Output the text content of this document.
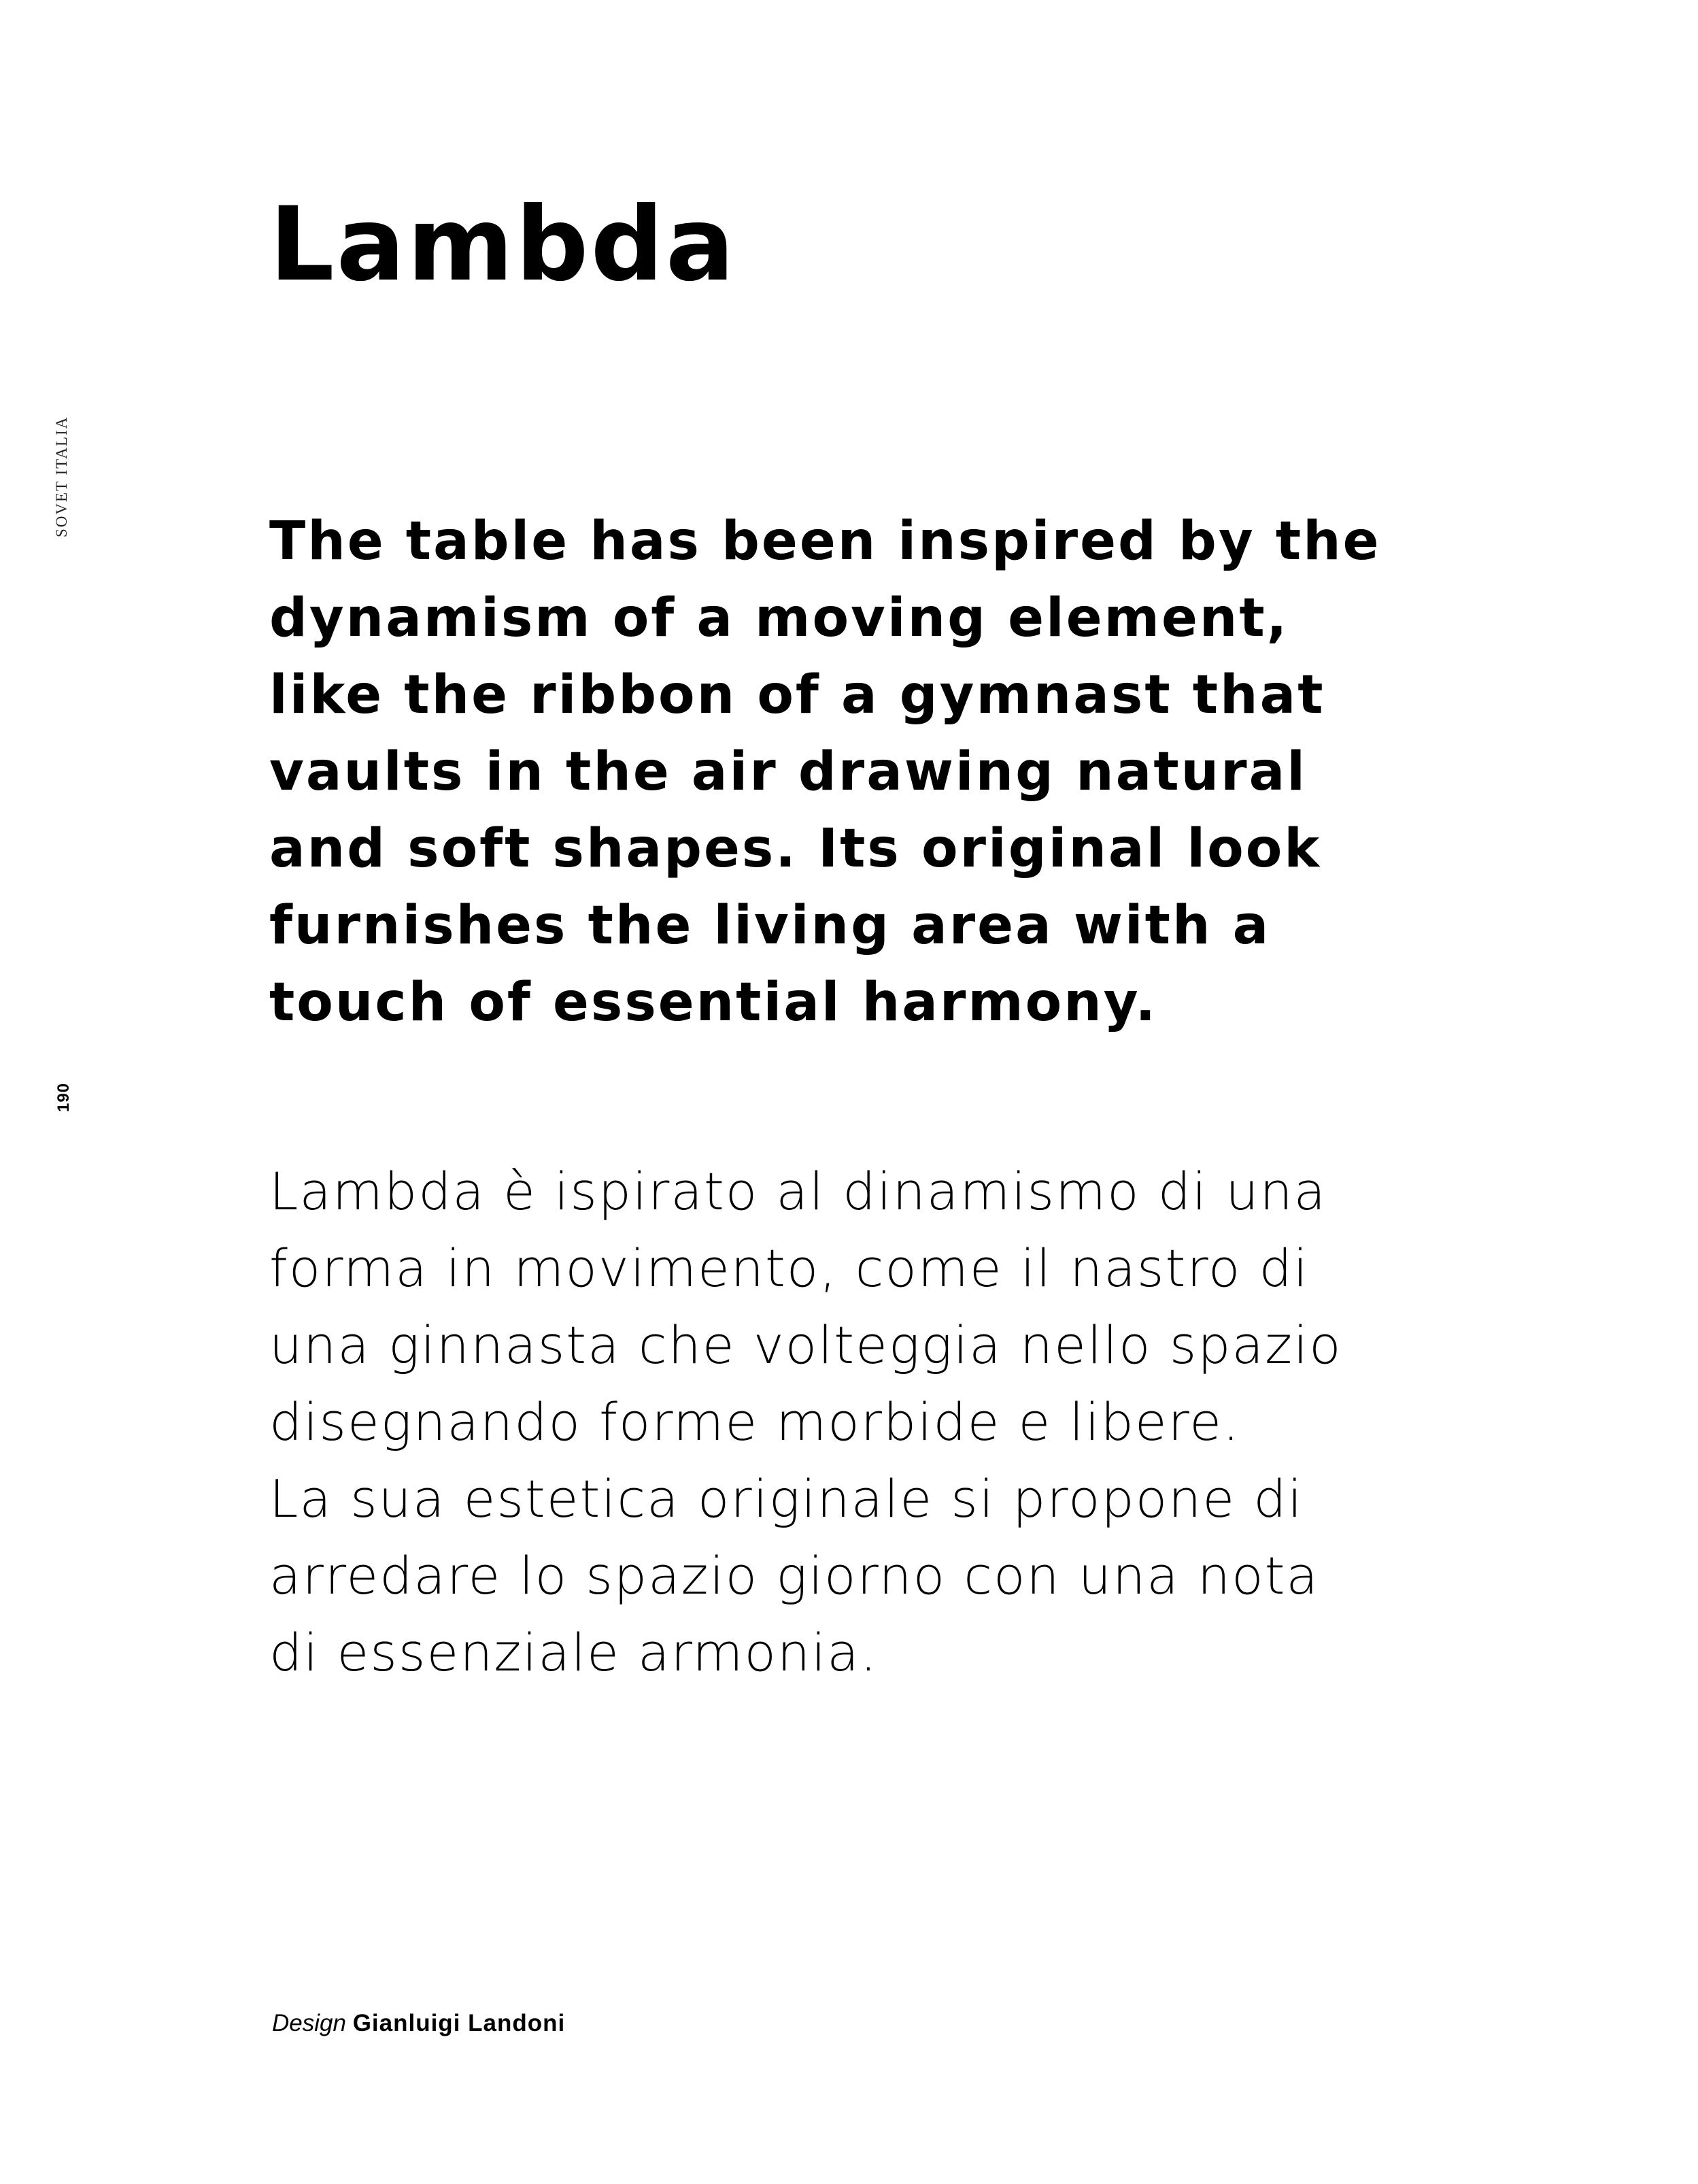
SOVET ITALIA
190
Lambda

The table has been inspired by the
dynamism of a moving element,
like the ribbon of a gymnast that
vaults in the air drawing natural
and soft shapes. Its original look
furnishes the living area with a
touch of essential harmony.

Lambda è ispirato al dinamismo di una
forma in movimento, come il nastro di
una ginnasta che volteggia nello spazio
disegnando forme morbide e libere.
La sua estetica originale si propone di
arredare lo spazio giorno con una nota
di essenziale armonia.

Design Gianluigi Landoni
